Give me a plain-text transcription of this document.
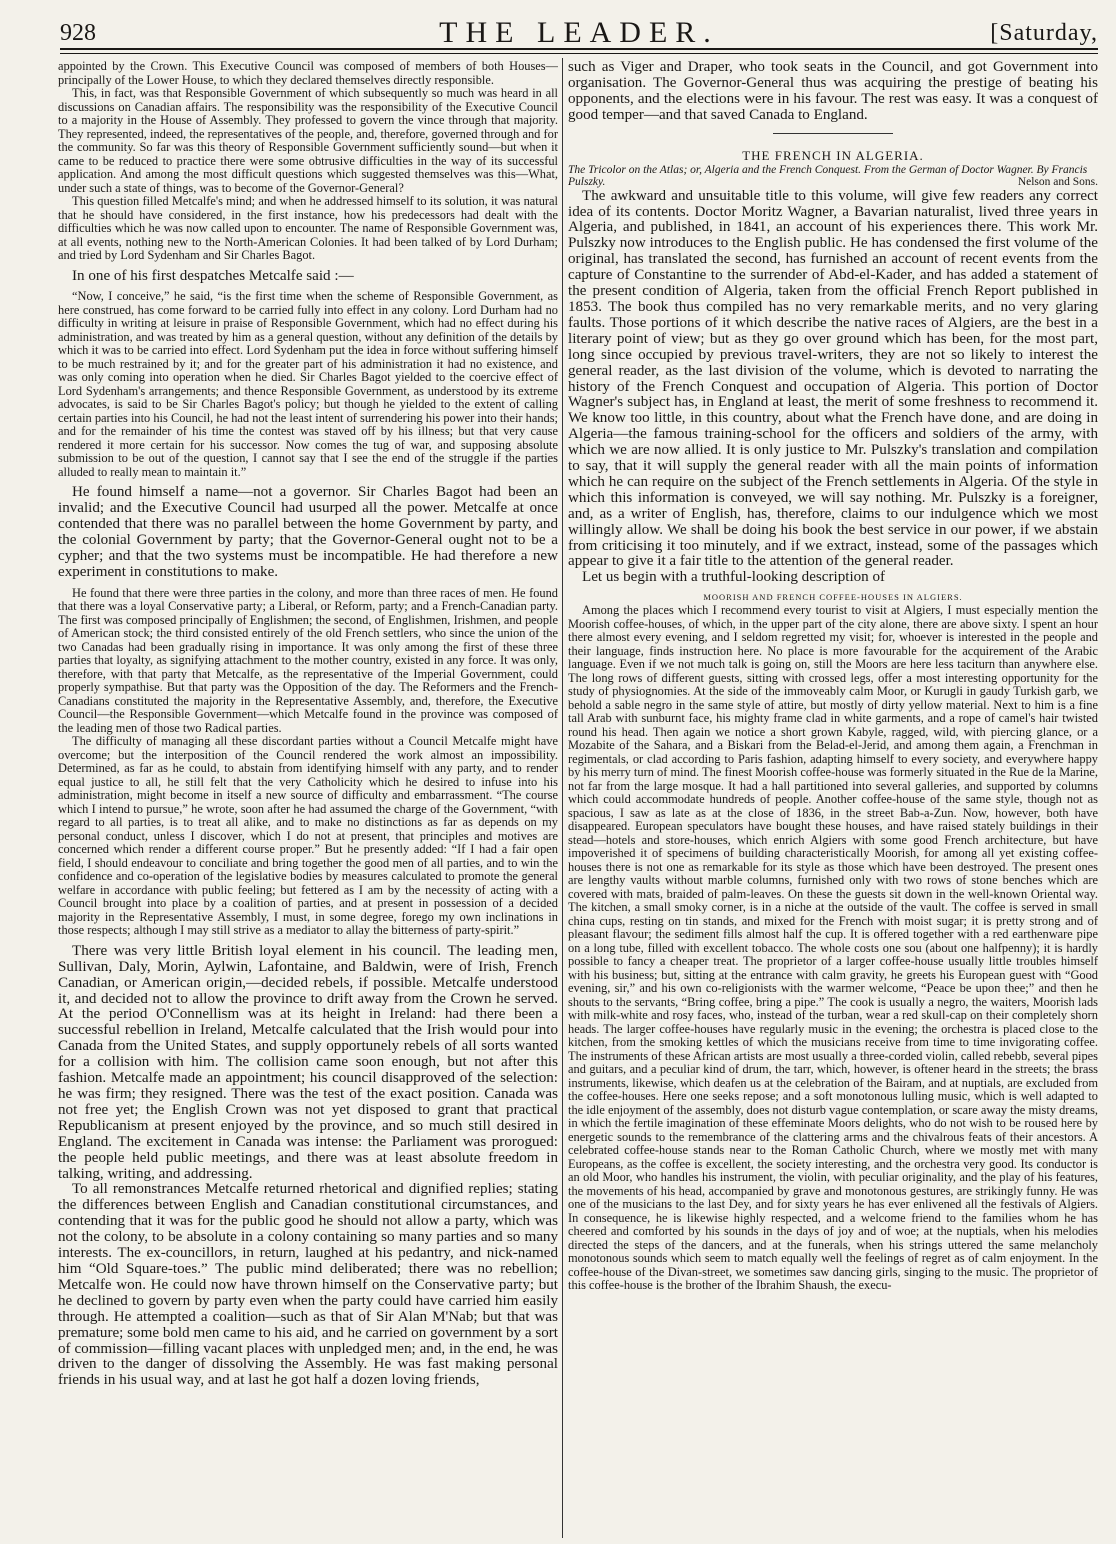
928	THE LEADER.	[Saturday,

appointed by the Crown. This Executive Council was composed of members of both Houses—principally of the Lower House, to which they declared themselves directly responsible.

This, in fact, was that Responsible Government of which subsequently so much was heard in all discussions on Canadian affairs. The responsibility was the responsibility of the Executive Council to a majority in the House of Assembly. They professed to govern the vince through that majority. They represented, indeed, the representatives of the people, and, therefore, governed through and for the community. So far was this theory of Responsible Government sufficiently sound—but when it came to be reduced to practice there were some obtrusive difficulties in the way of its successful application. And among the most difficult questions which suggested themselves was this—What, under such a state of things, was to become of the Governor-General?

This question filled Metcalfe's mind; and when he addressed himself to its solution, it was natural that he should have considered, in the first instance, how his predecessors had dealt with the difficulties which he was now called upon to encounter. The name of Responsible Government was, at all events, nothing new to the North-American Colonies. It had been talked of by Lord Durham; and tried by Lord Sydenham and Sir Charles Bagot.

In one of his first despatches Metcalfe said :—

“Now, I conceive,” he said, “is the first time when the scheme of Responsible Government, as here construed, has come forward to be carried fully into effect in any colony. Lord Durham had no difficulty in writing at leisure in praise of Responsible Government, which had no effect during his administration, and was treated by him as a general question, without any definition of the details by which it was to be carried into effect. Lord Sydenham put the idea in force without suffering himself to be much restrained by it; and for the greater part of his administration it had no existence, and was only coming into operation when he died. Sir Charles Bagot yielded to the coercive effect of Lord Sydenham's arrangements; and thence Responsible Government, as understood by its extreme advocates, is said to be Sir Charles Bagot's policy; but though he yielded to the extent of calling certain parties into his Council, he had not the least intent of surrendering his power into their hands; and for the remainder of his time the contest was staved off by his illness; but that very cause rendered it more certain for his successor. Now comes the tug of war, and supposing absolute submission to be out of the question, I cannot say that I see the end of the struggle if the parties alluded to really mean to maintain it.”

He found himself a name—not a governor. Sir Charles Bagot had been an invalid; and the Executive Council had usurped all the power. Metcalfe at once contended that there was no parallel between the home Government by party, and the colonial Government by party; that the Governor-General ought not to be a cypher; and that the two systems must be incompatible. He had therefore a new experiment in constitutions to make.

He found that there were three parties in the colony, and more than three races of men. He found that there was a loyal Conservative party; a Liberal, or Reform, party; and a French-Canadian party. The first was composed principally of Englishmen; the second, of Englishmen, Irishmen, and people of American stock; the third consisted entirely of the old French settlers, who since the union of the two Canadas had been gradually rising in importance. It was only among the first of these three parties that loyalty, as signifying attachment to the mother country, existed in any force. It was only, therefore, with that party that Metcalfe, as the representative of the Imperial Government, could properly sympathise. But that party was the Opposition of the day. The Reformers and the French-Canadians constituted the majority in the Representative Assembly, and, therefore, the Executive Council—the Responsible Government—which Metcalfe found in the province was composed of the leading men of those two Radical parties.

The difficulty of managing all these discordant parties without a Council Metcalfe might have overcome; but the interposition of the Council rendered the work almost an impossibility. Determined, as far as he could, to abstain from identifying himself with any party, and to render equal justice to all, he still felt that the very Catholicity which he desired to infuse into his administration, might become in itself a new source of difficulty and embarrassment. “The course which I intend to pursue,” he wrote, soon after he had assumed the charge of the Government, “with regard to all parties, is to treat all alike, and to make no distinctions as far as depends on my personal conduct, unless I discover, which I do not at present, that principles and motives are concerned which render a different course proper.” But he presently added: “If I had a fair open field, I should endeavour to conciliate and bring together the good men of all parties, and to win the confidence and co-operation of the legislative bodies by measures calculated to promote the general welfare in accordance with public feeling; but fettered as I am by the necessity of acting with a Council brought into place by a coalition of parties, and at present in possession of a decided majority in the Representative Assembly, I must, in some degree, forego my own inclinations in those respects; although I may still strive as a mediator to allay the bitterness of party-spirit.”

There was very little British loyal element in his council. The leading men, Sullivan, Daly, Morin, Aylwin, Lafontaine, and Baldwin, were of Irish, French Canadian, or American origin,—decided rebels, if possible. Metcalfe understood it, and decided not to allow the province to drift away from the Crown he served. At the period O'Connellism was at its height in Ireland: had there been a successful rebellion in Ireland, Metcalfe calculated that the Irish would pour into Canada from the United States, and supply opportunely rebels of all sorts wanted for a collision with him. The collision came soon enough, but not after this fashion. Metcalfe made an appointment; his council disapproved of the selection: he was firm; they resigned. There was the test of the exact position. Canada was not free yet; the English Crown was not yet disposed to grant that practical Republicanism at present enjoyed by the province, and so much still desired in England. The excitement in Canada was intense: the Parliament was prorogued: the people held public meetings, and there was at least absolute freedom in talking, writing, and addressing.

To all remonstrances Metcalfe returned rhetorical and dignified replies; stating the differences between English and Canadian constitutional circumstances, and contending that it was for the public good he should not allow a party, which was not the colony, to be absolute in a colony containing so many parties and so many interests. The ex-councillors, in return, laughed at his pedantry, and nick-named him “Old Square-toes.” The public mind deliberated; there was no rebellion; Metcalfe won. He could now have thrown himself on the Conservative party; but he declined to govern by party even when the party could have carried him easily through. He attempted a coalition—such as that of Sir Alan M'Nab; but that was premature; some bold men came to his aid, and he carried on government by a sort of commission—filling vacant places with unpledged men; and, in the end, he was driven to the danger of dissolving the Assembly. He was fast making personal friends in his usual way, and at last he got half a dozen loving friends,

such as Viger and Draper, who took seats in the Council, and got Government into organisation. The Governor-General thus was acquiring the prestige of beating his opponents, and the elections were in his favour. The rest was easy. It was a conquest of good temper—and that saved Canada to England.

THE FRENCH IN ALGERIA.

The Tricolor on the Atlas; or, Algeria and the French Conquest. From the German of Doctor Wagner. By Francis Pulszky.	Nelson and Sons.

The awkward and unsuitable title to this volume, will give few readers any correct idea of its contents. Doctor Moritz Wagner, a Bavarian naturalist, lived three years in Algeria, and published, in 1841, an account of his experiences there. This work Mr. Pulszky now introduces to the English public. He has condensed the first volume of the original, has translated the second, has furnished an account of recent events from the capture of Constantine to the surrender of Abd-el-Kader, and has added a statement of the present condition of Algeria, taken from the official French Report published in 1853. The book thus compiled has no very remarkable merits, and no very glaring faults. Those portions of it which describe the native races of Algiers, are the best in a literary point of view; but as they go over ground which has been, for the most part, long since occupied by previous travel-writers, they are not so likely to interest the general reader, as the last division of the volume, which is devoted to narrating the history of the French Conquest and occupation of Algeria. This portion of Doctor Wagner's subject has, in England at least, the merit of some freshness to recommend it. We know too little, in this country, about what the French have done, and are doing in Algeria—the famous training-school for the officers and soldiers of the army, with which we are now allied. It is only justice to Mr. Pulszky's translation and compilation to say, that it will supply the general reader with all the main points of information which he can require on the subject of the French settlements in Algeria. Of the style in which this information is conveyed, we will say nothing. Mr. Pulszky is a foreigner, and, as a writer of English, has, therefore, claims to our indulgence which we most willingly allow. We shall be doing his book the best service in our power, if we abstain from criticising it too minutely, and if we extract, instead, some of the passages which appear to give it a fair title to the attention of the general reader.

Let us begin with a truthful-looking description of

MOORISH AND FRENCH COFFEE-HOUSES IN ALGIERS.

Among the places which I recommend every tourist to visit at Algiers, I must especially mention the Moorish coffee-houses, of which, in the upper part of the city alone, there are above sixty. I spent an hour there almost every evening, and I seldom regretted my visit; for, whoever is interested in the people and their language, finds instruction here. No place is more favourable for the acquirement of the Arabic language. Even if we not much talk is going on, still the Moors are here less taciturn than anywhere else. The long rows of different guests, sitting with crossed legs, offer a most interesting opportunity for the study of physiognomies. At the side of the immoveably calm Moor, or Kurugli in gaudy Turkish garb, we behold a sable negro in the same style of attire, but mostly of dirty yellow material. Next to him is a fine tall Arab with sunburnt face, his mighty frame clad in white garments, and a rope of camel's hair twisted round his head. Then again we notice a short grown Kabyle, ragged, wild, with piercing glance, or a Mozabite of the Sahara, and a Biskari from the Belad-el-Jerid, and among them again, a Frenchman in regimentals, or clad according to Paris fashion, adapting himself to every society, and everywhere happy by his merry turn of mind. The finest Moorish coffee-house was formerly situated in the Rue de la Marine, not far from the large mosque. It had a hall partitioned into several galleries, and supported by columns which could accommodate hundreds of people. Another coffee-house of the same style, though not as spacious, I saw as late as at the close of 1836, in the street Bab-a-Zun. Now, however, both have disappeared. European speculators have bought these houses, and have raised stately buildings in their stead—hotels and store-houses, which enrich Algiers with some good French architecture, but have impoverished it of specimens of building characteristically Moorish, for among all yet existing coffee-houses there is not one as remarkable for its style as those which have been destroyed. The present ones are lengthy vaults without marble columns, furnished only with two rows of stone benches which are covered with mats, braided of palm-leaves. On these the guests sit down in the well-known Oriental way. The kitchen, a small smoky corner, is in a niche at the outside of the vault. The coffee is served in small china cups, resting on tin stands, and mixed for the French with moist sugar; it is pretty strong and of pleasant flavour; the sediment fills almost half the cup. It is offered together with a red earthenware pipe on a long tube, filled with excellent tobacco. The whole costs one sou (about one halfpenny); it is hardly possible to fancy a cheaper treat. The proprietor of a larger coffee-house usually little troubles himself with his business; but, sitting at the entrance with calm gravity, he greets his European guest with “Good evening, sir,” and his own co-religionists with the warmer welcome, “Peace be upon thee;” and then he shouts to the servants, “Bring coffee, bring a pipe.” The cook is usually a negro, the waiters, Moorish lads with milk-white and rosy faces, who, instead of the turban, wear a red skull-cap on their completely shorn heads. The larger coffee-houses have regularly music in the evening; the orchestra is placed close to the kitchen, from the smoking kettles of which the musicians receive from time to time invigorating coffee. The instruments of these African artists are most usually a three-corded violin, called rebebb, several pipes and guitars, and a peculiar kind of drum, the tarr, which, however, is oftener heard in the streets; the brass instruments, likewise, which deafen us at the celebration of the Bairam, and at nuptials, are excluded from the coffee-houses. Here one seeks repose; and a soft monotonous lulling music, which is well adapted to the idle enjoyment of the assembly, does not disturb vague contemplation, or scare away the misty dreams, in which the fertile imagination of these effeminate Moors delights, who do not wish to be roused here by energetic sounds to the remembrance of the clattering arms and the chivalrous feats of their ancestors. A celebrated coffee-house stands near to the Roman Catholic Church, where we mostly met with many Europeans, as the coffee is excellent, the society interesting, and the orchestra very good. Its conductor is an old Moor, who handles his instrument, the violin, with peculiar originality, and the play of his features, the movements of his head, accompanied by grave and monotonous gestures, are strikingly funny. He was one of the musicians to the last Dey, and for sixty years he has ever enlivened all the festivals of Algiers. In consequence, he is likewise highly respected, and a welcome friend to the families whom he has cheered and comforted by his sounds in the days of joy and of woe; at the nuptials, when his melodies directed the steps of the dancers, and at the funerals, when his strings uttered the same melancholy monotonous sounds which seem to match equally well the feelings of regret as of calm enjoyment. In the coffee-house of the Divan-street, we sometimes saw dancing girls, singing to the music. The proprietor of this coffee-house is the brother of the Ibrahim Shaush, the execu-
